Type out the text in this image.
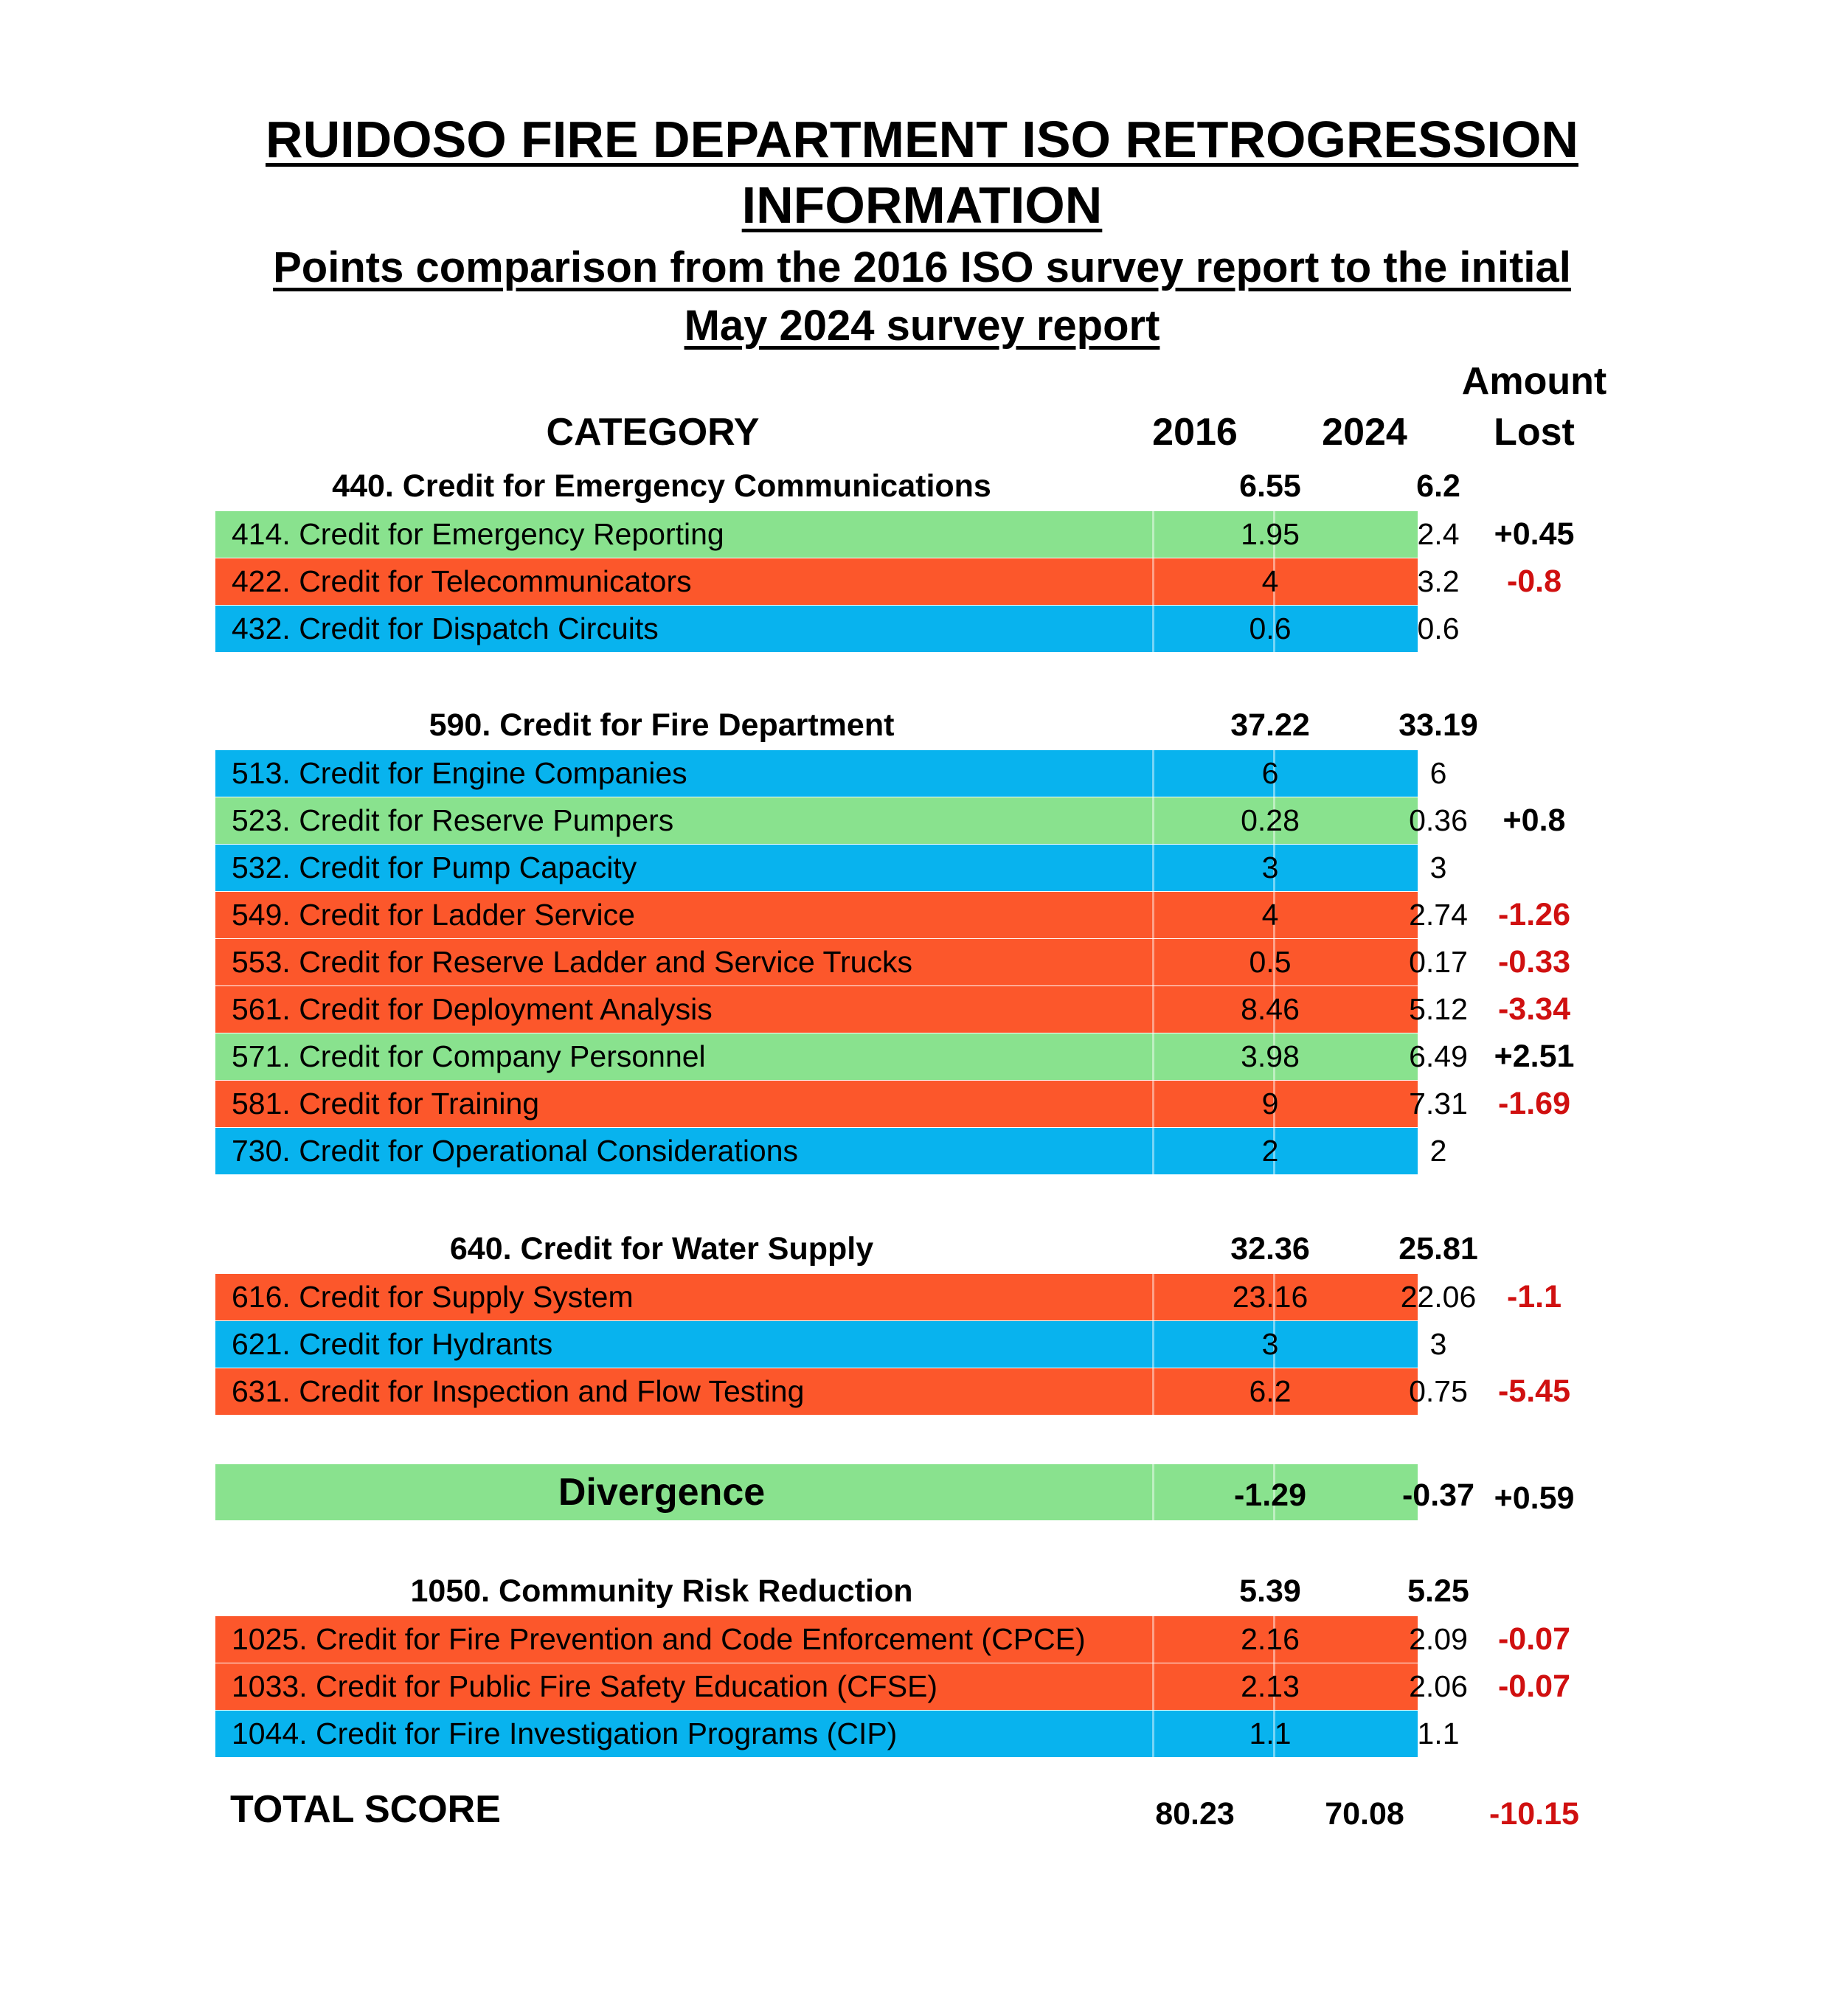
RUIDOSO FIRE DEPARTMENT ISO RETROGRESSION
INFORMATION
Points comparison from the 2016 ISO survey report to the initial
May 2024 survey report
CATEGORY	2016	2024
Amount
Lost
440. Credit for Emergency Communications	6.55	6.2
414. Credit for Emergency Reporting	1.95	2.4	+0.45
422. Credit for Telecommunicators	4	3.2	-0.8
432. Credit for Dispatch Circuits	0.6	0.6
590. Credit for Fire Department	37.22	33.19
513. Credit for Engine Companies	6	6
523. Credit for Reserve Pumpers	0.28	0.36	+0.8
532. Credit for Pump Capacity	3	3
549. Credit for Ladder Service	4	2.74 -1.26
553. Credit for Reserve Ladder and Service Trucks	0.5	0.17 -0.33
561. Credit for Deployment Analysis	8.46	5.12 -3.34
571. Credit for Company Personnel	3.98	6.49 +2.51
581. Credit for Training	9	7.31 -1.69
730. Credit for Operational Considerations	2	2
640. Credit for Water Supply	32.36	25.81
616. Credit for Supply System	23.16	22.06 -1.1
621. Credit for Hydrants	3	3
631. Credit for Inspection and Flow Testing	6.2	0.75 -5.45
Divergence	-1.29	-0.37 +0.59
1050. Community Risk Reduction	5.39	5.25
1025. Credit for Fire Prevention and Code Enforcement (CPCE)	2.16	2.09 -0.07
1033. Credit for Public Fire Safety Education (CFSE)	2.13	2.06 -0.07
1044. Credit for Fire Investigation Programs (CIP)	1.1	1.1
TOTAL SCORE	80.23	70.08	-10.15
